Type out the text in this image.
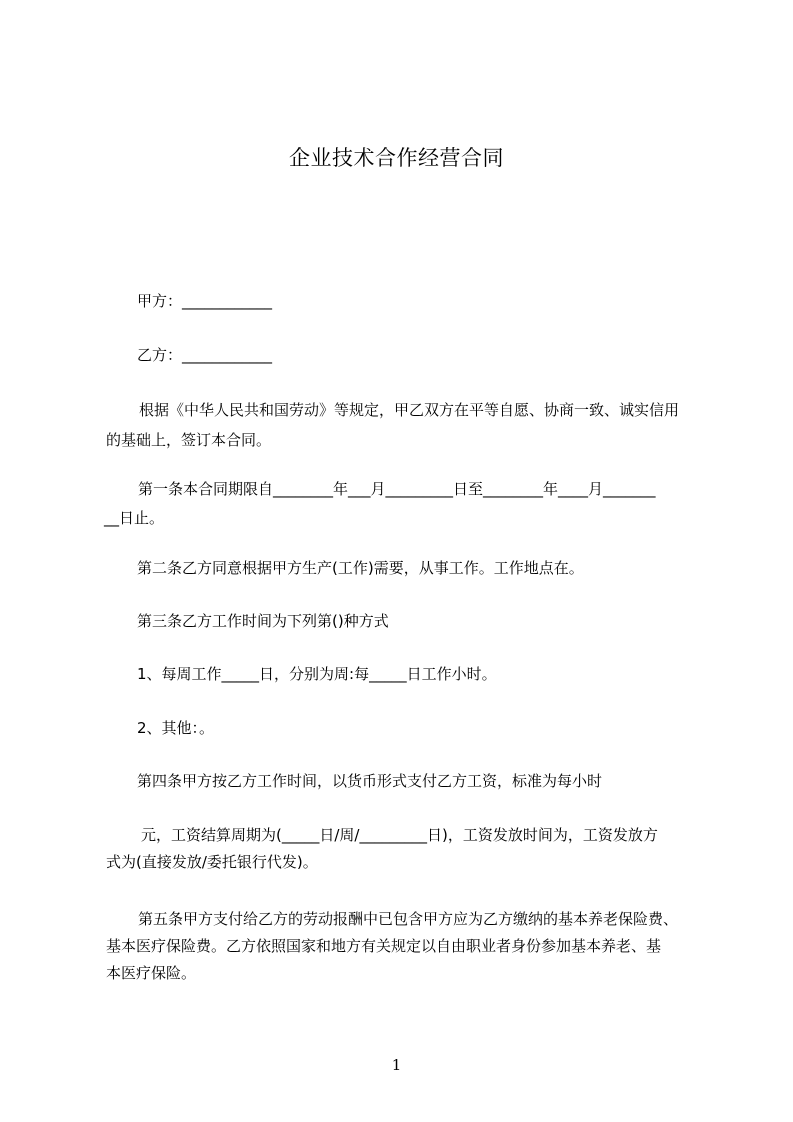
企业技术合作经营合同
甲方：____________
乙方：____________
根据《中华人民共和国劳动》等规定，甲乙双方在平等自愿、协商一致、诚实信用的基础上，签订本合同。
第一条本合同期限自________年___月_________日至________年____月_______
__日止。
第二条乙方同意根据甲方生产(工作)需要，从事工作。工作地点在。
第三条乙方工作时间为下列第()种方式
1、每周工作_____日，分别为周:每_____日工作小时。
2、其他：。
第四条甲方按乙方工作时间，以货币形式支付乙方工资，标准为每小时
元，工资结算周期为(_____日/周/_________日)，工资发放时间为，工资发放方
式为(直接发放/委托银行代发)。
第五条甲方支付给乙方的劳动报酬中已包含甲方应为乙方缴纳的基本养老保险费、
基本医疗保险费。乙方依照国家和地方有关规定以自由职业者身份参加基本养老、基
本医疗保险。
1
